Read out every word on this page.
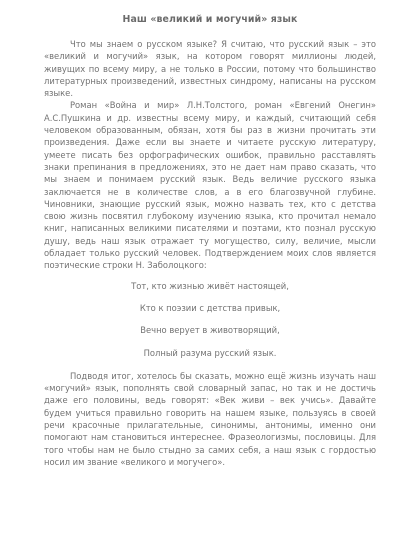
Наш «великий и могучий» язык

Что мы знаем о русском языке? Я считаю, что русский язык – это «великий и могучий» язык, на котором говорят миллионы людей, живущих по всему миру, а не только в России, потому что большинство литературных произведений, известных синдрому, написаны на русском языке.

Роман «Война и мир» Л.Н.Толстого, роман «Евгений Онегин» А.С.Пушкина и др. известны всему миру, и каждый, считающий себя человеком образованным, обязан, хотя бы раз в жизни прочитать эти произведения. Даже если вы знаете и читаете русскую литературу, умеете писать без орфографических ошибок, правильно расставлять знаки препинания в предложениях, это не дает нам право сказать, что мы знаем и понимаем русский язык. Ведь величие русского языка заключается не в количестве слов, а в его благозвучной глубине. Чиновники, знающие русский язык, можно назвать тех, кто с детства свою жизнь посвятил глубокому изучению языка, кто прочитал немало книг, написанных великими писателями и поэтами, кто познал русскую душу, ведь наш язык отражает ту могущество, силу, величие, мысли обладает только русский человек. Подтверждением моих слов является поэтические строки Н. Заболоцкого:

Тот, кто жизнью живёт настоящей,
Кто к поэзии с детства привык,
Вечно верует в животворящий,
Полный разума русский язык.

Подводя итог, хотелось бы сказать, можно ещё жизнь изучать наш «могучий» язык, пополнять свой словарный запас, но так и не достичь даже его половины, ведь говорят: «Век живи – век учись». Давайте будем учиться правильно говорить на нашем языке, пользуясь в своей речи красочные прилагательные, синонимы, антонимы, именно они помогают нам становиться интереснее. Фразеологизмы, пословицы. Для того чтобы нам не было стыдно за самих себя, а наш язык с гордостью носил им звание «великого и могучего».
